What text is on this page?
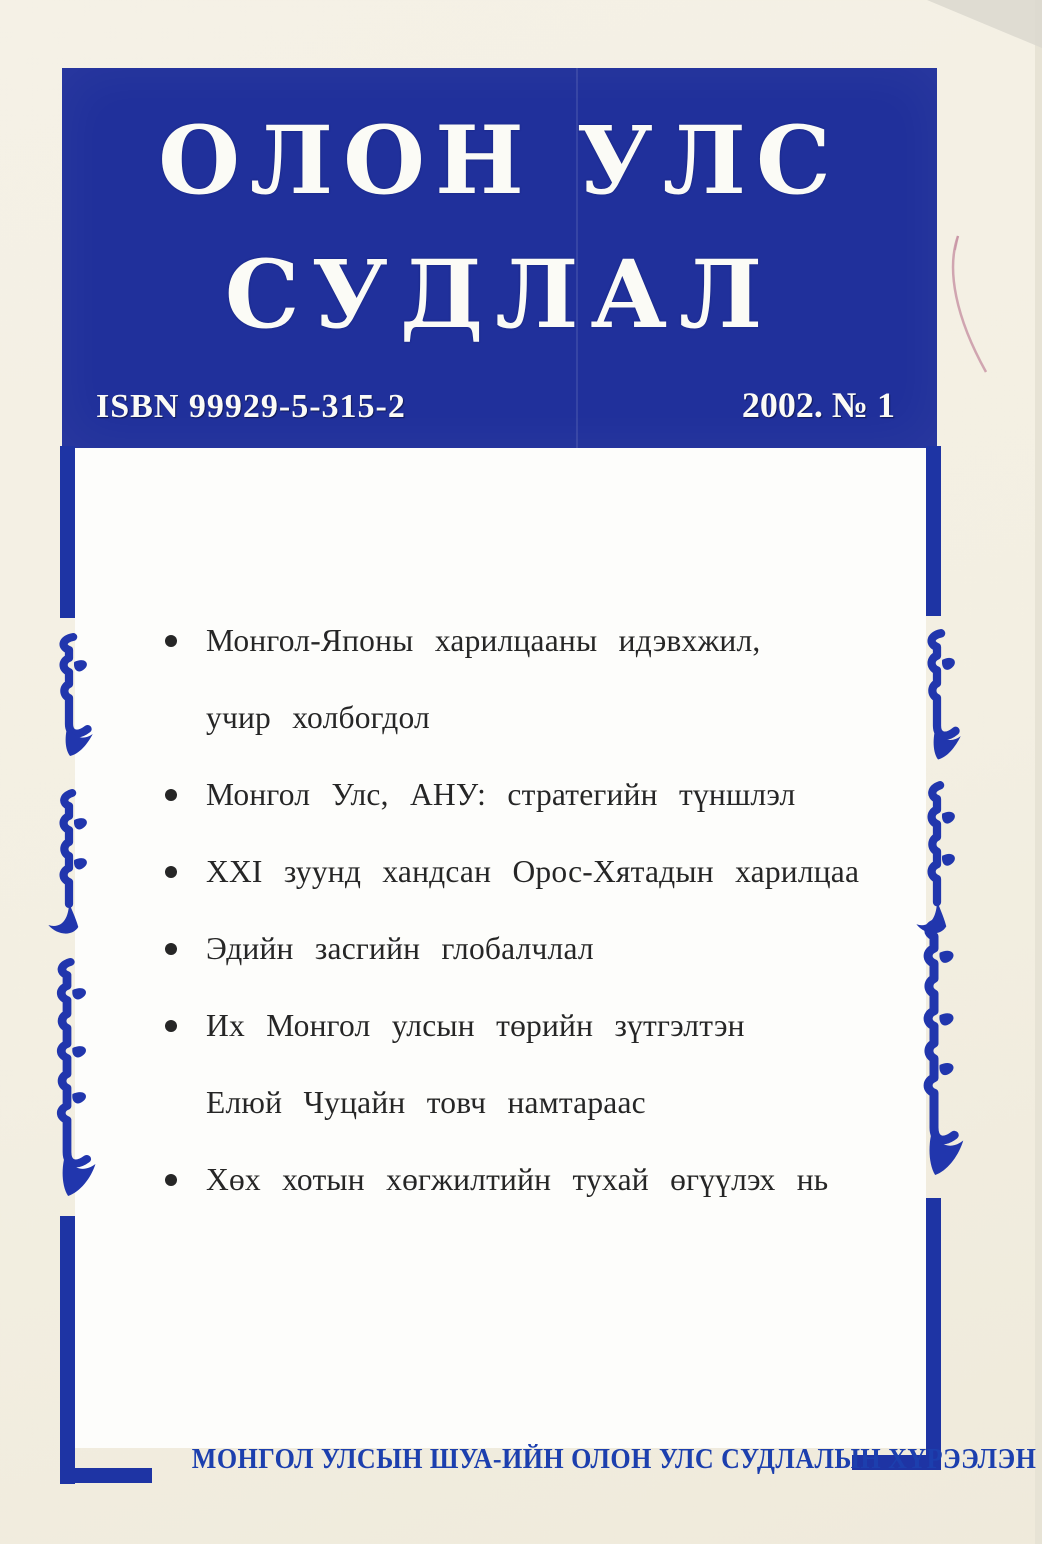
ОЛОН УЛС
СУДЛАЛ
ISBN 99929-5-315-2	2002. № 1
Монгол-Японы харилцааны идэвхжил,
учир холбогдол
Монгол Улс, АНУ: стратегийн түншлэл
XXI зуунд хандсан Орос-Хятадын харилцаа
Эдийн засгийн глобалчлал
Их Монгол улсын төрийн зүтгэлтэн
Елюй Чуцайн товч намтараас
Хөх хотын хөгжилтийн тухай өгүүлэх нь
МОНГОЛ УЛСЫН ШУА-ИЙН ОЛОН УЛС СУДЛАЛЫН ХҮРЭЭЛЭН
